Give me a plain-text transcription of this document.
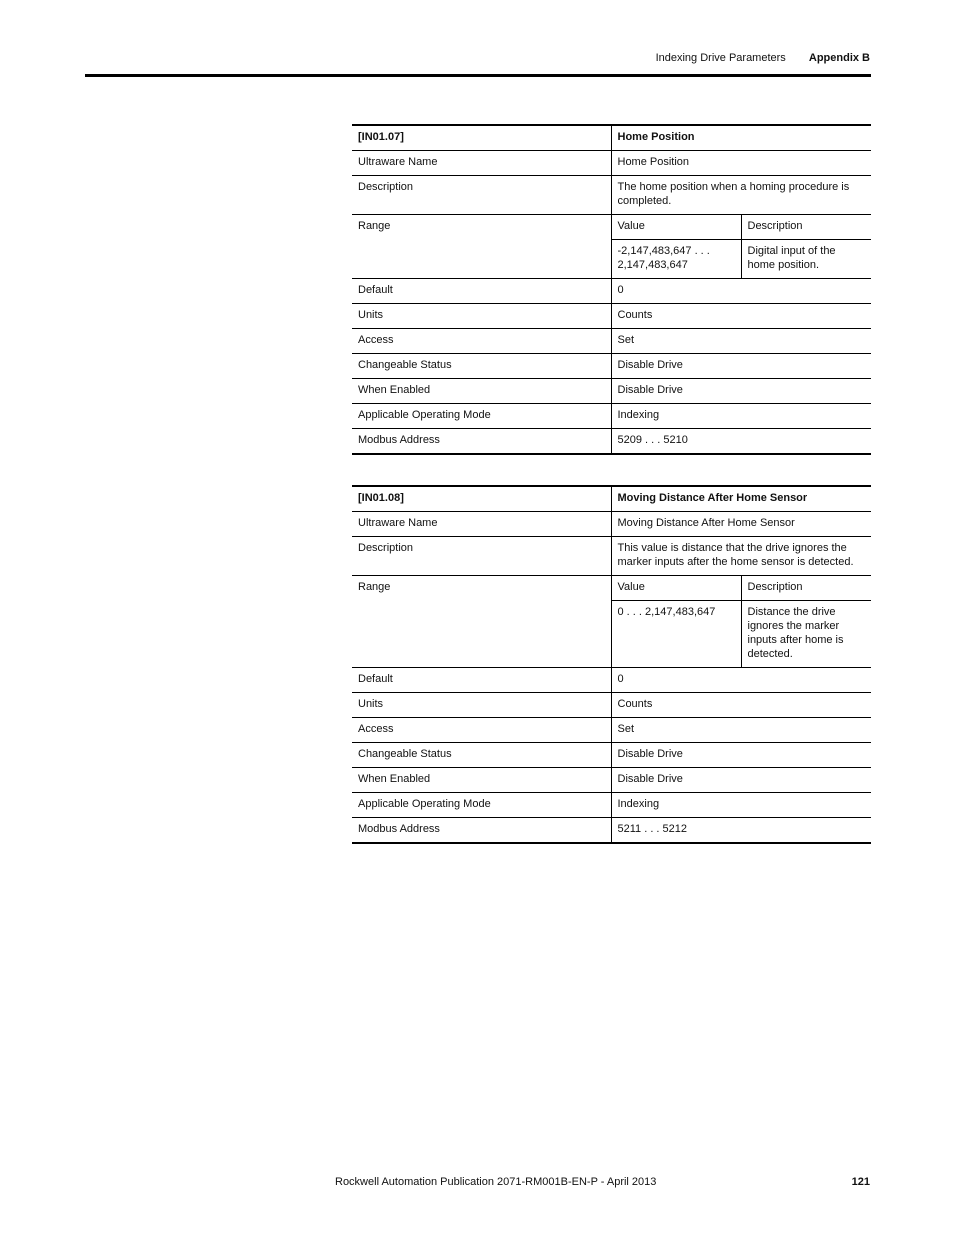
Indexing Drive Parameters Appendix B
[IN01.07]	Home Position	
Ultraware Name	Home Position	
Description	The home position when a homing procedure is completed.	
Range	Value	Description
	-2,147,483,647 . . . 2,147,483,647	Digital input of the home position.
Default	0	
Units	Counts	
Access	Set	
Changeable Status	Disable Drive	
When Enabled	Disable Drive	
Applicable Operating Mode	Indexing	
Modbus Address	5209 . . . 5210	
[IN01.08]	Moving Distance After Home Sensor	
Ultraware Name	Moving Distance After Home Sensor	
Description	This value is distance that the drive ignores the marker inputs after the home sensor is detected.	
Range	Value	Description
	0 . . . 2,147,483,647	Distance the drive ignores the marker inputs after home is detected.
Default	0	
Units	Counts	
Access	Set	
Changeable Status	Disable Drive	
When Enabled	Disable Drive	
Applicable Operating Mode	Indexing	
Modbus Address	5211 . . . 5212	
Rockwell Automation Publication 2071-RM001B-EN-P - April 2013	121
